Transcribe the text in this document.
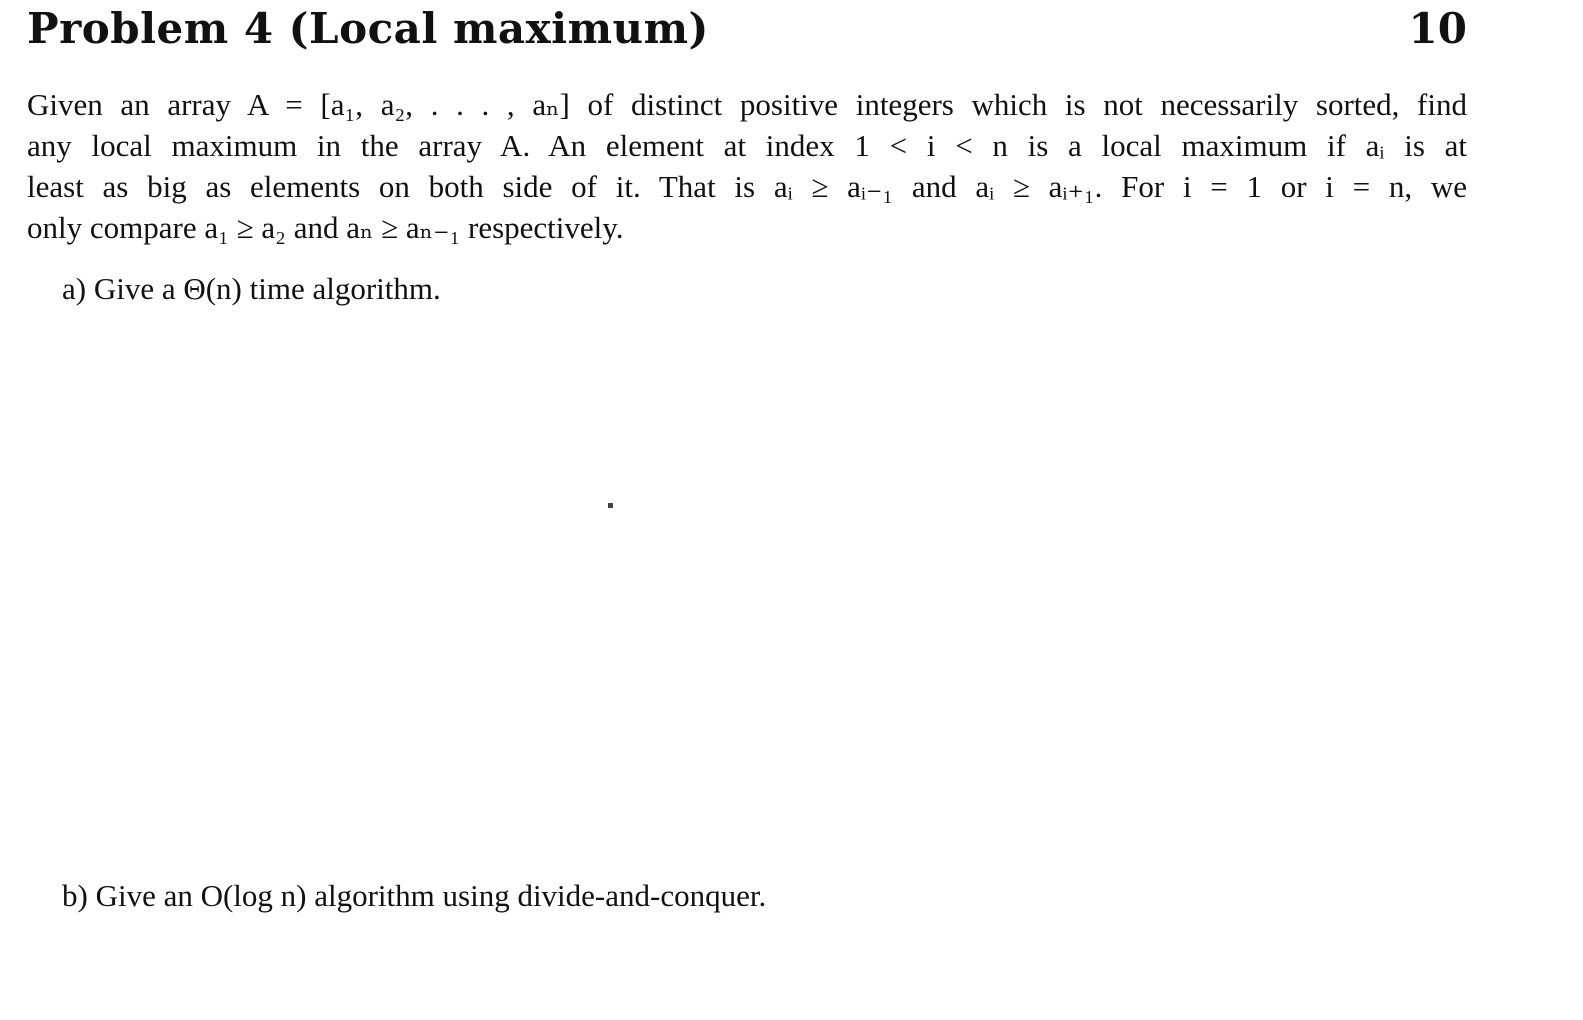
Problem 4 (Local maximum)	10
Given an array A = [a₁, a₂, . . . , aₙ] of distinct positive integers which is not necessarily sorted, find
any local maximum in the array A. An element at index 1 < i < n is a local maximum if aᵢ is at
least as big as elements on both side of it. That is aᵢ ≥ aᵢ₋₁ and aᵢ ≥ aᵢ₊₁. For i = 1 or i = n, we
only compare a₁ ≥ a₂ and aₙ ≥ aₙ₋₁ respectively.
a) Give a Θ(n) time algorithm.
b) Give an O(log n) algorithm using divide-and-conquer.
